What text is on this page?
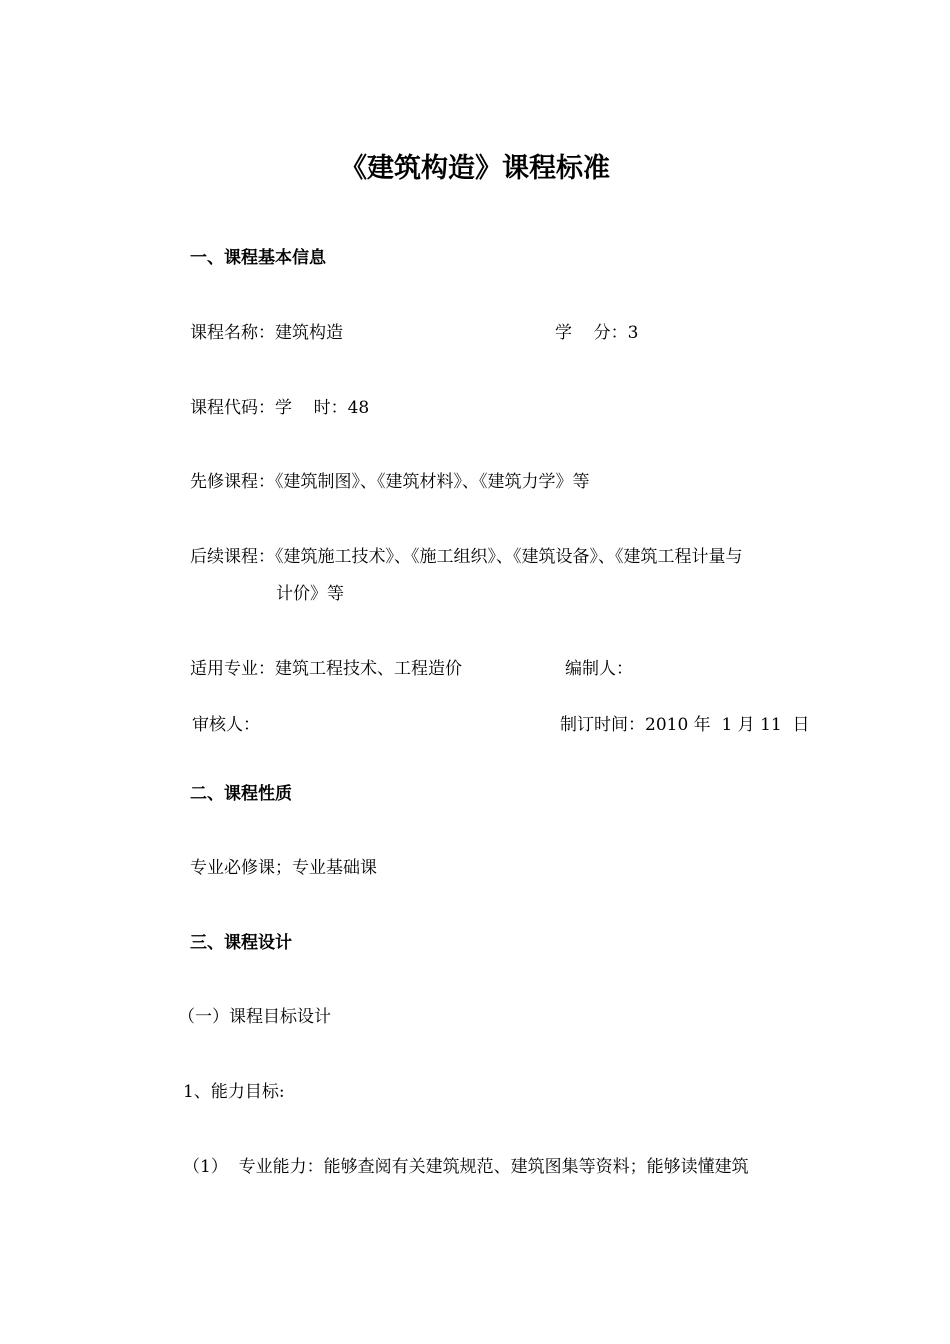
《建筑构造》课程标准
一、课程基本信息
课程名称：建筑构造	学    分：3
课程代码：学    时：48
先修课程：《建筑制图》、《建筑材料》、《建筑力学》等
后续课程：《建筑施工技术》、《施工组织》、《建筑设备》、《建筑工程计量与
计价》等
适用专业：建筑工程技术、工程造价	编制人：
审核人：	制订时间：2010 年  1 月 11  日
二、课程性质
专业必修课；专业基础课
三、课程设计
（一）课程目标设计
1、能力目标:
（1）  专业能力：能够查阅有关建筑规范、建筑图集等资料；能够读懂建筑
